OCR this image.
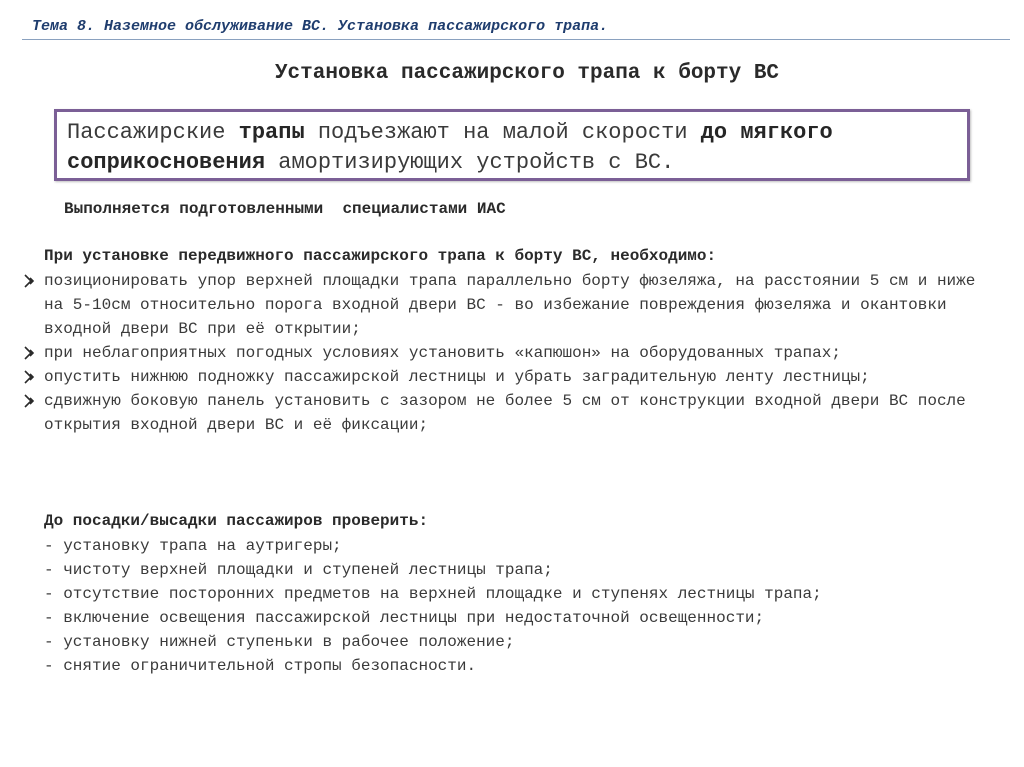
Тема 8. Наземное обслуживание ВС. Установка пассажирского трапа.
Установка пассажирского трапа к борту ВС
Пассажирские трапы подъезжают на малой скорости до мягкого соприкосновения амортизирующих устройств с ВС.
Выполняется подготовленными  специалистами ИАС
При установке передвижного пассажирского трапа к борту ВС, необходимо:
позиционировать упор верхней площадки трапа параллельно борту фюзеляжа, на расстоянии 5 см и ниже на 5-10см относительно порога входной двери ВС - во избежание повреждения фюзеляжа и окантовки входной двери ВС при её открытии;
при неблагоприятных погодных условиях установить «капюшон» на оборудованных трапах;
опустить нижнюю подножку пассажирской лестницы и убрать заградительную ленту лестницы;
сдвижную боковую панель установить с зазором не более 5 см от конструкции входной двери ВС после открытия входной двери ВС и её фиксации;
До посадки/высадки пассажиров проверить:
- установку трапа на аутригеры;
- чистоту верхней площадки и ступеней лестницы трапа;
- отсутствие посторонних предметов на верхней площадке и ступенях лестницы трапа;
- включение освещения пассажирской лестницы при недостаточной освещенности;
- установку нижней ступеньки в рабочее положение;
- снятие ограничительной стропы безопасности.
